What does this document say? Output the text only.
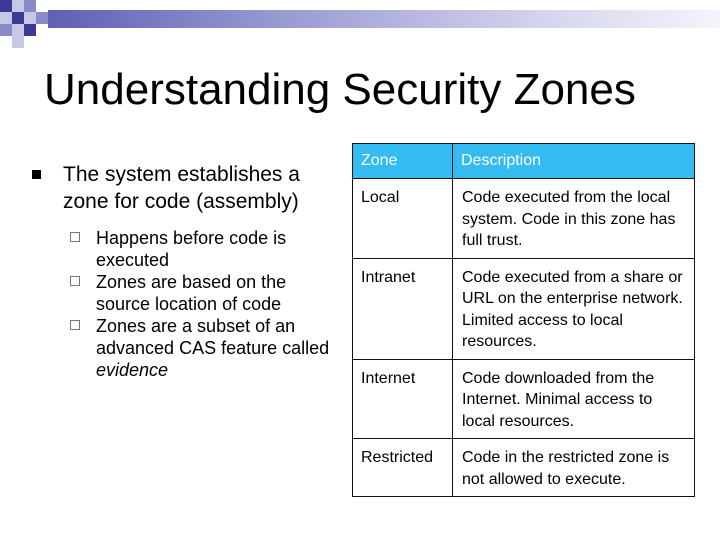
Understanding Security Zones
The system establishes a zone for code (assembly)
Happens before code is executed
Zones are based on the source location of code
Zones are a subset of an advanced CAS feature called evidence
Zone	Description
Local	Code executed from the local system. Code in this zone has full trust.
Intranet	Code executed from a share or URL on the enterprise network. Limited access to local resources.
Internet	Code downloaded from the Internet. Minimal access to local resources.
Restricted	Code in the restricted zone is not allowed to execute.
